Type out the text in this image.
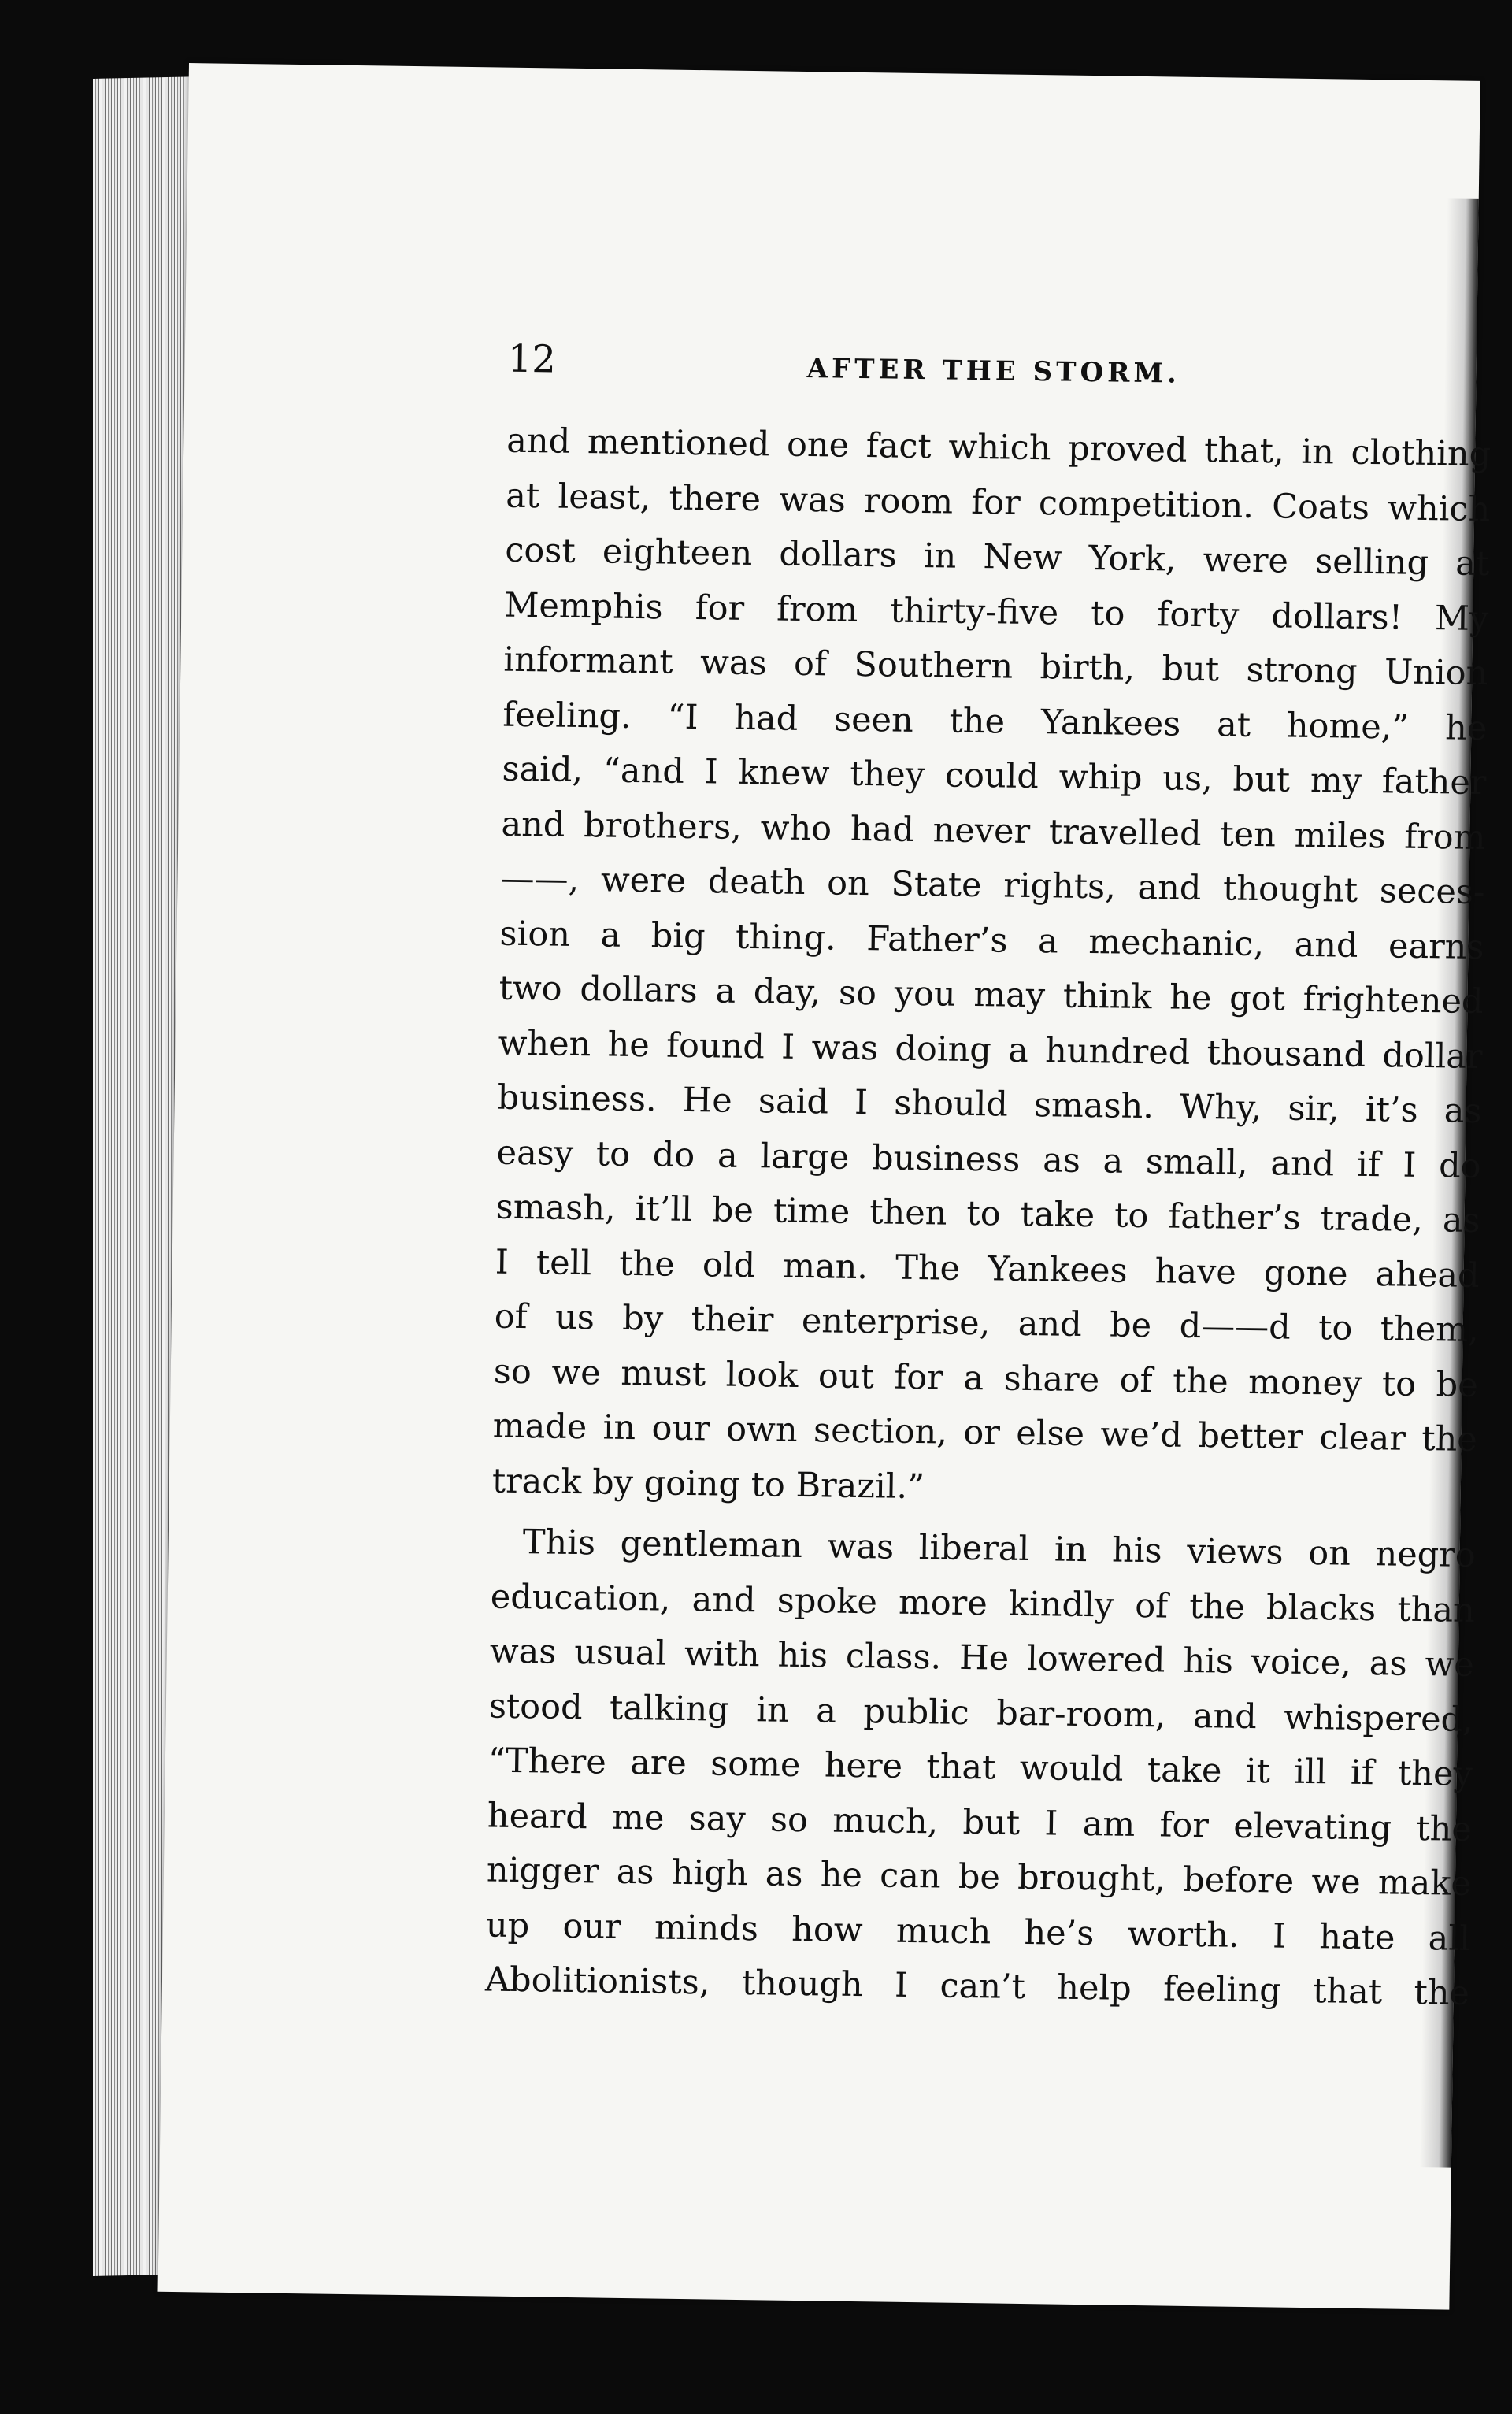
12	AFTER THE STORM.
and mentioned one fact which proved that, in clothing
at least, there was room for competition. Coats which
cost eighteen dollars in New York, were selling at
Memphis for from thirty-five to forty dollars! My
informant was of Southern birth, but strong Union
feeling. “I had seen the Yankees at home,” he
said, “and I knew they could whip us, but my father
and brothers, who had never travelled ten miles from
——, were death on State rights, and thought seces-
sion a big thing. Father’s a mechanic, and earns
two dollars a day, so you may think he got frightened
when he found I was doing a hundred thousand dollar
business. He said I should smash. Why, sir, it’s as
easy to do a large business as a small, and if I do
smash, it’ll be time then to take to father’s trade, as
I tell the old man. The Yankees have gone ahead
of us by their enterprise, and be d——d to them,
so we must look out for a share of the money to be
made in our own section, or else we’d better clear the
track by going to Brazil.”
This gentleman was liberal in his views on negro
education, and spoke more kindly of the blacks than
was usual with his class. He lowered his voice, as we
stood talking in a public bar-room, and whispered,
“There are some here that would take it ill if they
heard me say so much, but I am for elevating the
nigger as high as he can be brought, before we make
up our minds how much he’s worth. I hate all
Abolitionists, though I can’t help feeling that the
